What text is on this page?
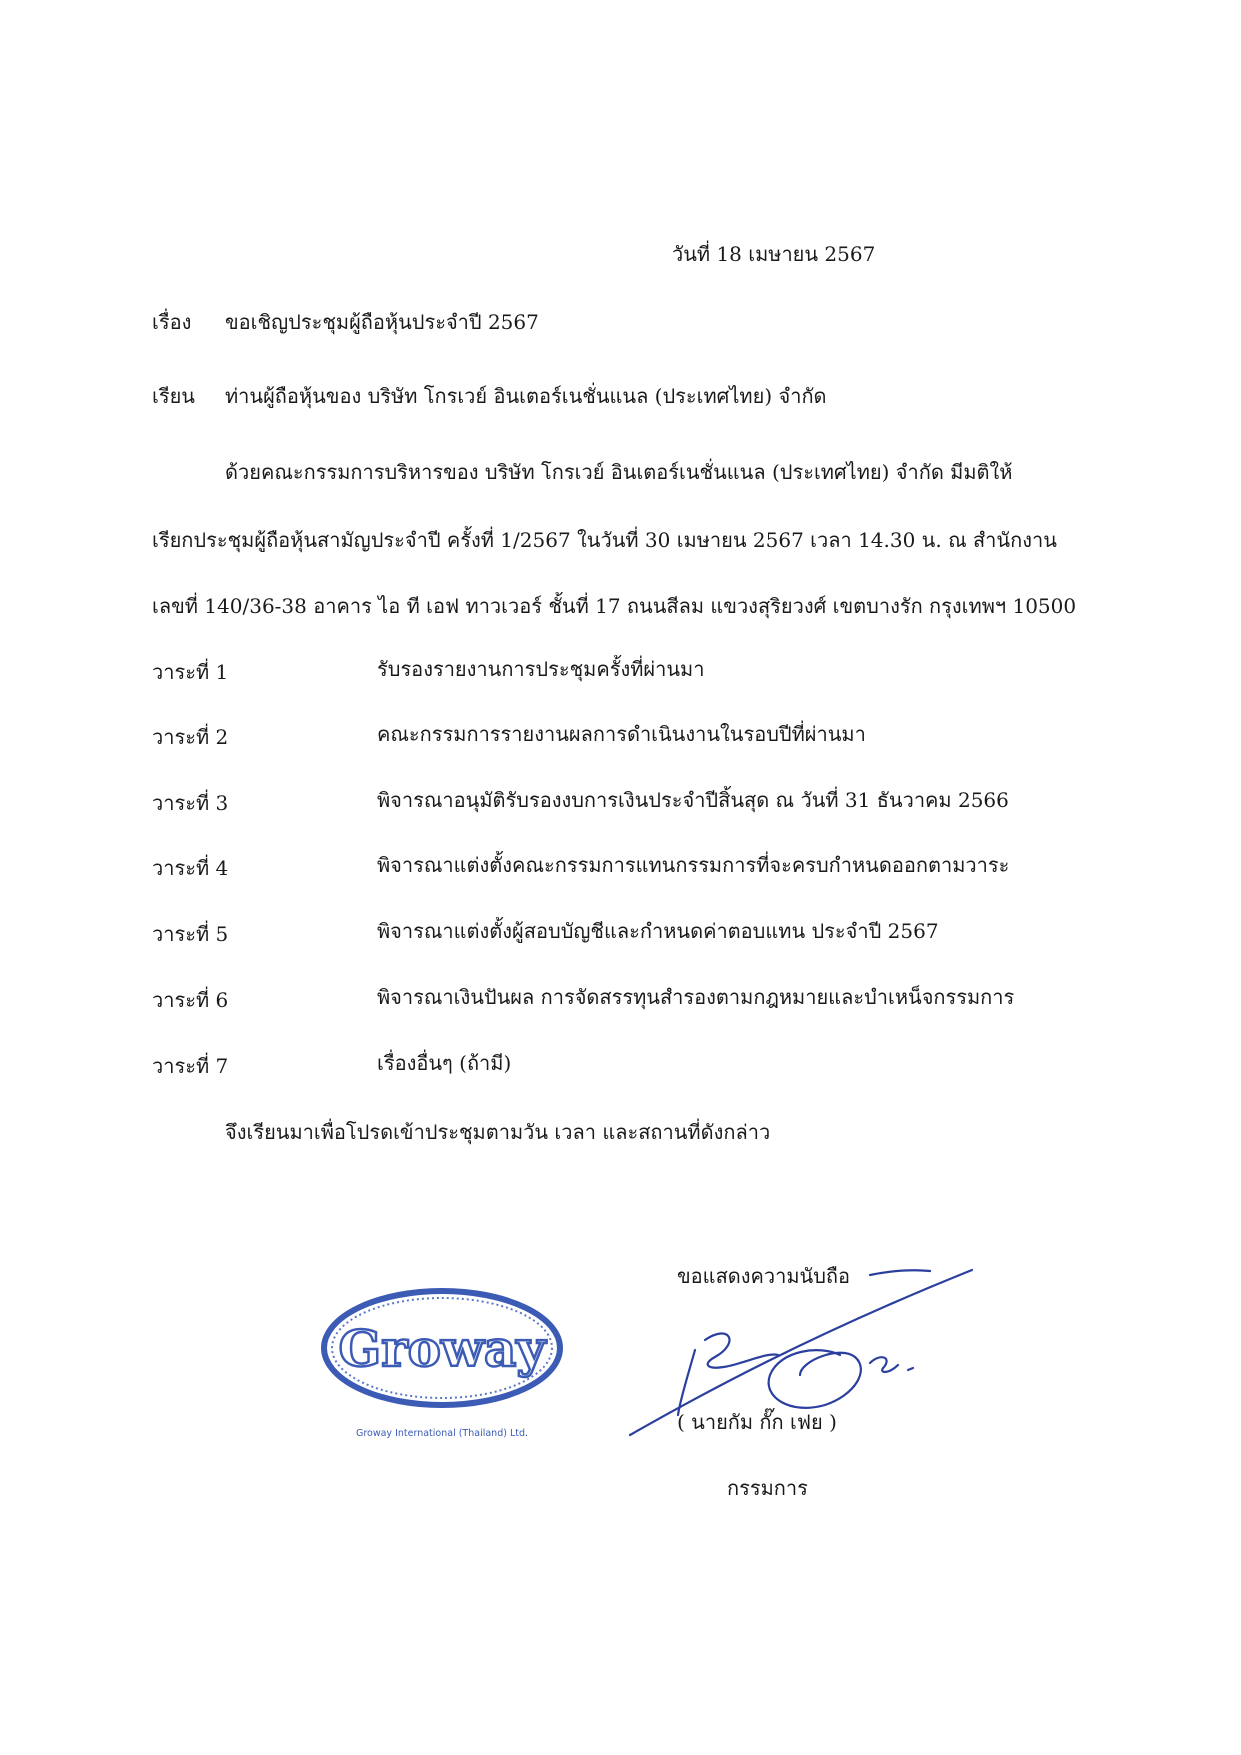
วันที่ 18 เมษายน 2567
เรื่อง ขอเชิญประชุมผู้ถือหุ้นประจำปี 2567
เรียน ท่านผู้ถือหุ้นของ บริษัท โกรเวย์ อินเตอร์เนชั่นแนล (ประเทศไทย) จำกัด
ด้วยคณะกรรมการบริหารของ บริษัท โกรเวย์ อินเตอร์เนชั่นแนล (ประเทศไทย) จำกัด มีมติให้
เรียกประชุมผู้ถือหุ้นสามัญประจำปี ครั้งที่ 1/2567 ในวันที่ 30 เมษายน 2567 เวลา 14.30 น. ณ สำนักงาน
เลขที่ 140/36-38 อาคาร ไอ ที เอฟ ทาวเวอร์ ชั้นที่ 17 ถนนสีลม แขวงสุริยวงศ์ เขตบางรัก กรุงเทพฯ 10500
วาระที่ 1	รับรองรายงานการประชุมครั้งที่ผ่านมา
วาระที่ 2	คณะกรรมการรายงานผลการดำเนินงานในรอบปีที่ผ่านมา
วาระที่ 3	พิจารณาอนุมัติรับรองงบการเงินประจำปีสิ้นสุด ณ วันที่ 31 ธันวาคม 2566
วาระที่ 4	พิจารณาแต่งตั้งคณะกรรมการแทนกรรมการที่จะครบกำหนดออกตามวาระ
วาระที่ 5	พิจารณาแต่งตั้งผู้สอบบัญชีและกำหนดค่าตอบแทน ประจำปี 2567
วาระที่ 6	พิจารณาเงินปันผล การจัดสรรทุนสำรองตามกฎหมายและบำเหน็จกรรมการ
วาระที่ 7	เรื่องอื่นๆ (ถ้ามี)
จึงเรียนมาเพื่อโปรดเข้าประชุมตามวัน เวลา และสถานที่ดังกล่าว
Groway
Groway International (Thailand) Ltd.
ขอแสดงความนับถือ
( นายกัม กั๊ก เฟย )
กรรมการ
